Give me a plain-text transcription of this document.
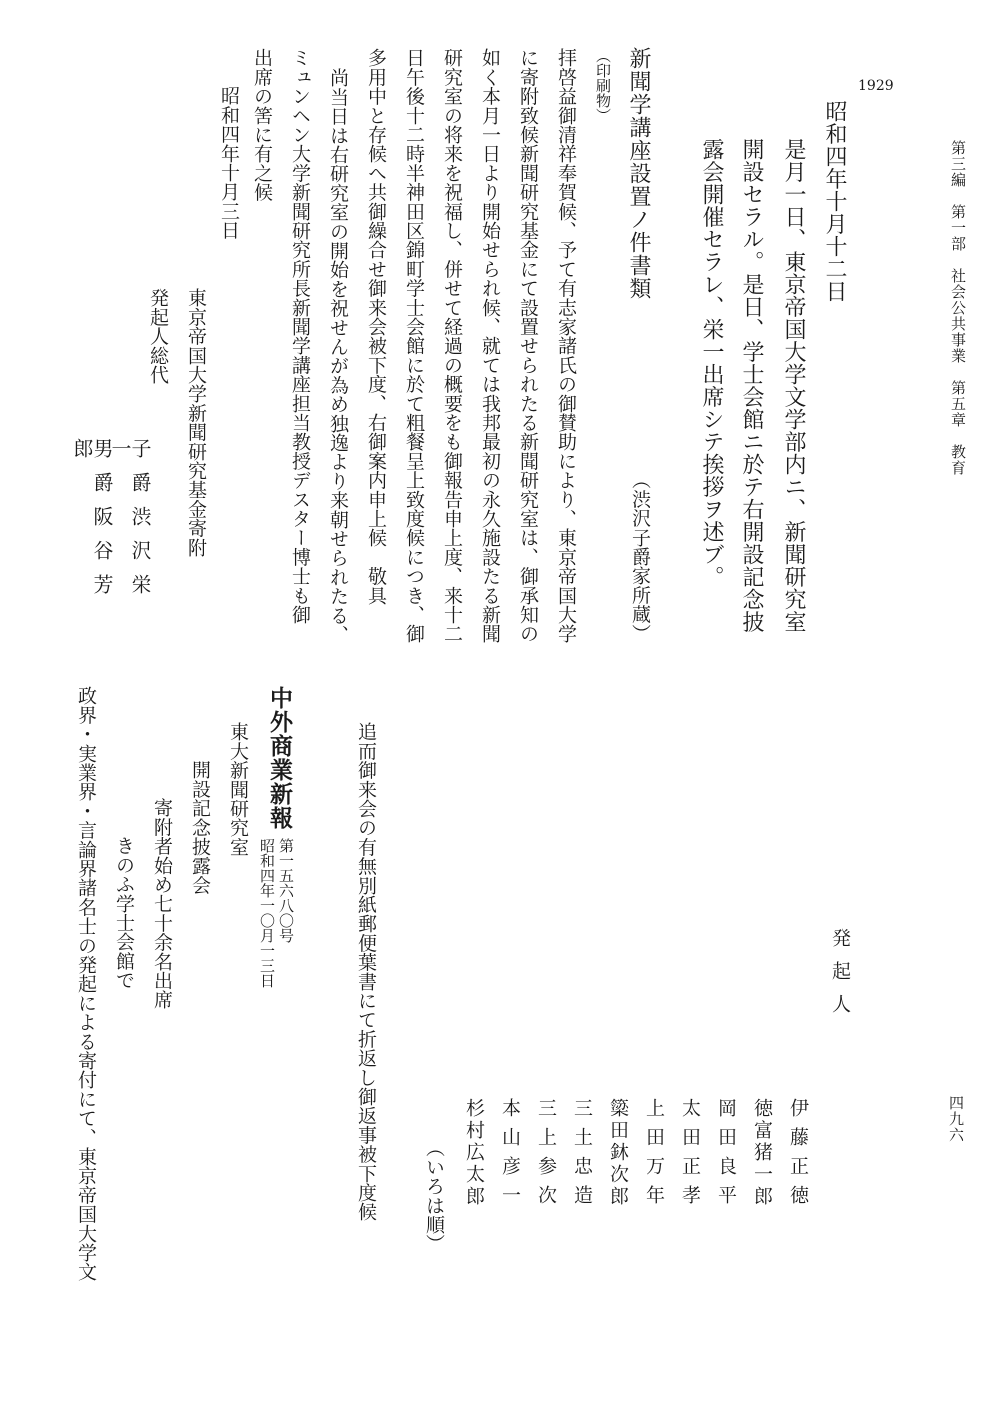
第三編　第一部　社会公共事業　第五章　教育
四九六
1929
昭和四年十月十二日
是月一日、東京帝国大学文学部内ニ、新聞研究室
開設セラル。是日、学士会館ニ於テ右開設記念披
露会開催セラレ、栄一出席シテ挨拶ヲ述ブ。
新聞学講座設置ノ件書類
（渋沢子爵家所蔵）
（印刷物）
拝啓益御清祥奉賀候、予て有志家諸氏の御賛助により、東京帝国大学
に寄附致候新聞研究基金にて設置せられたる新聞研究室は、御承知の
如く本月一日より開始せられ候、就ては我邦最初の永久施設たる新聞
研究室の将来を祝福し、併せて経過の概要をも御報告申上度、来十二
日午後十二時半神田区錦町学士会館に於て粗餐呈上致度候につき、御
多用中と存候へ共御繰合せ御来会被下度、右御案内申上候　敬具
尚当日は右研究室の開始を祝せんが為め独逸より来朝せられたる、
ミュンヘン大学新聞研究所長新聞学講座担当教授デスター博士も御
出席の筈に有之候
昭和四年十月三日
東京帝国大学新聞研究基金寄附
発起人総代
子爵渋沢栄一
男爵阪谷芳郎
発起人
伊藤正徳
徳富猪一郎
岡田良平
太田正孝
上田万年
簗田鈢次郎
三土忠造
三上参次
本山彦一
杉村広太郎
（いろは順）
追而御来会の有無別紙郵便葉書にて折返し御返事被下度候
中外商業新報
第一五六八〇号
昭和四年一〇月一三日
東大新聞研究室
開設記念披露会
寄附者始め七十余名出席
きのふ学士会館で
政界・実業界・言論界諸名士の発起による寄付にて、東京帝国大学文
